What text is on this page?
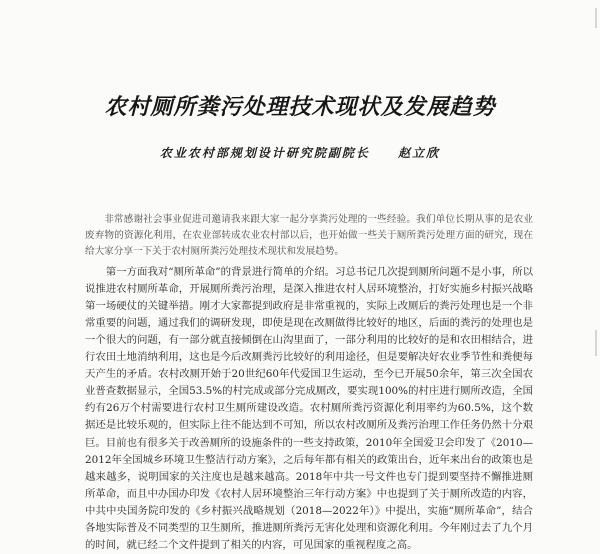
农村厕所粪污处理技术现状及发展趋势
农业农村部规划设计研究院副院长 赵立欣

非常感谢社会事业促进司邀请我来跟大家一起分享粪污处理的一些经验。我们单位长期从事的是农业废弃物的资源化利用，在农业部转成农业农村部以后，也开始做一些关于厕所粪污处理方面的研究，现在给大家分享一下关于农村厕所粪污处理技术现状和发展趋势。

第一方面我对“厕所革命”的背景进行简单的介绍。习总书记几次提到厕所问题不是小事，所以说推进农村厕所革命，开展厕所粪污治理，是深入推进农村人居环境整治，打好实施乡村振兴战略第一场硬仗的关键举措。刚才大家都提到政府是非常重视的，实际上改厕后的粪污处理也是一个非常重要的问题，通过我们的调研发现，即使是现在改厕做得比较好的地区，后面的粪污的处理也是一个很大的问题，有一部分就直接倾倒在山沟里面了，一部分利用的比较好的是和农田相结合，进行农田土地消纳利用，这也是今后改厕粪污比较好的利用途径，但是要解决好农业季节性和粪便每天产生的矛盾。农村改厕开始于20世纪60年代爱国卫生运动，至今已开展50余年，第三次全国农业普查数据显示，全国53.5%的村完成或部分完成厕改，要实现100%的村庄进行厕所改造，全国约有26万个村需要进行农村卫生厕所建设改造。农村厕所粪污资源化利用率约为60.5%，这个数据还是比较乐观的，但实际上往不能达到不可知，所以农村改厕所及粪污治理工作任务仍然十分艰巨。目前也有很多关于改善厕所的设施条件的一些支持政策，2010年全国爱卫会印发了《2010—2012年全国城乡环境卫生整洁行动方案》，之后每年都有相关的政策出台，近年来出台的政策也是越来越多，说明国家的关注度也是越来越高。2018年中共一号文件也专门提到要坚持不懈推进厕所革命，而且中办国办印发《农村人居环境整治三年行动方案》中也提到了关于厕所改造的内容，中共中央国务院印发的《乡村振兴战略规划（2018—2022年）》中提出，实施“厕所革命”，结合各地实际普及不同类型的卫生厕所，推进厕所粪污无害化处理和资源化利用。今年刚过去了九个月的时间，就已经二个文件提到了相关的内容，可见国家的重视程度之高。
